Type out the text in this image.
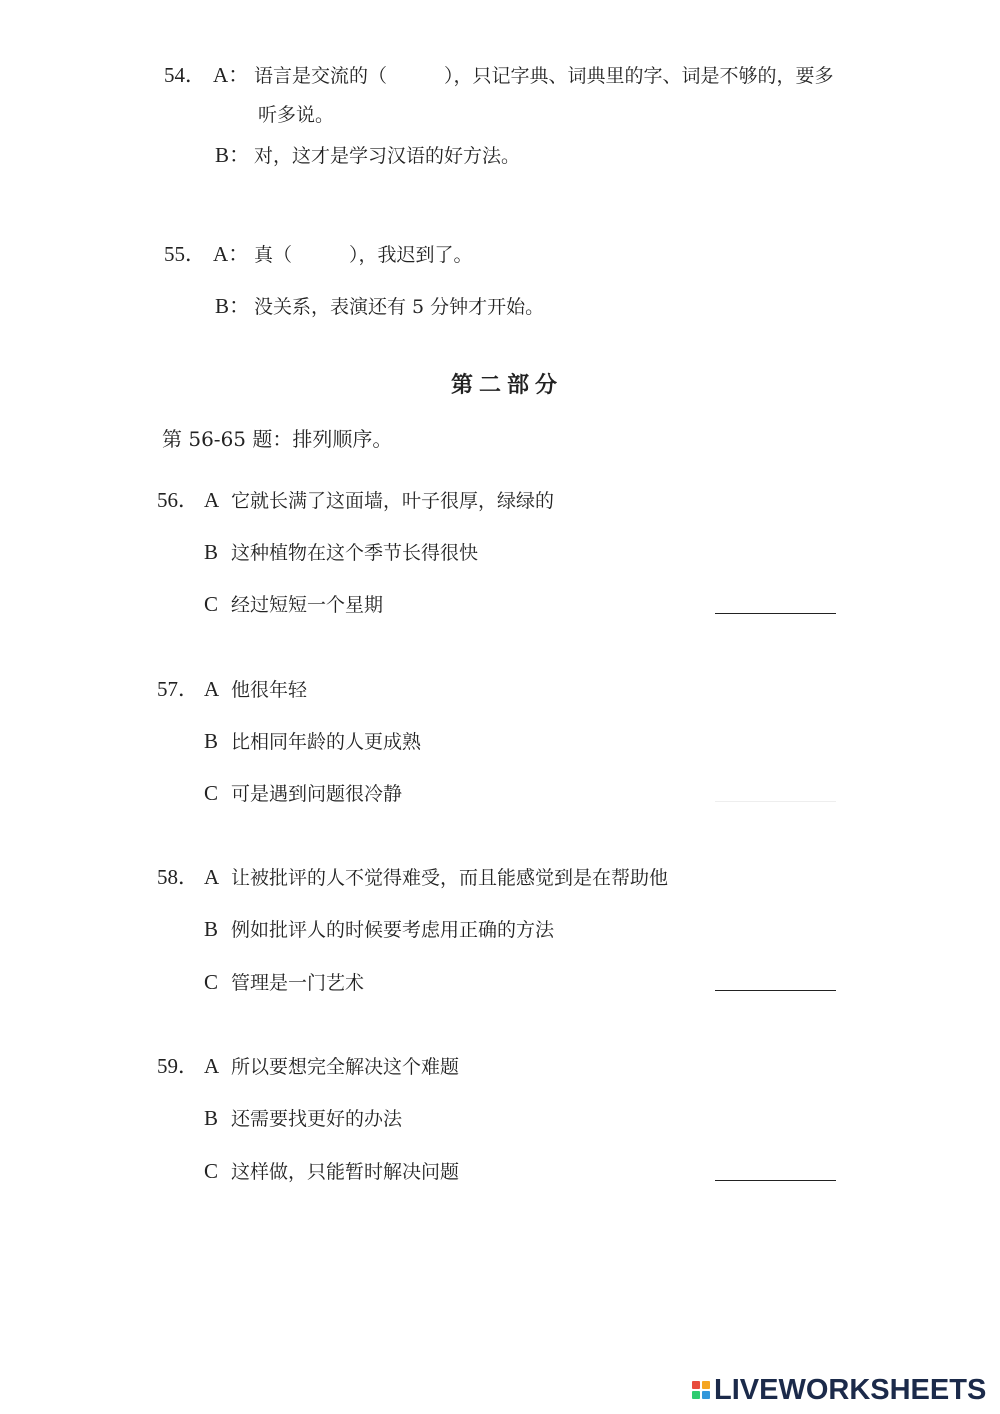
54． A： 语言是交流的（　　　），只记字典、词典里的字、词是不够的，要多
听多说。
B： 对，这才是学习汉语的好方法。
55． A： 真（　　　），我迟到了。
B： 没关系，表演还有 5 分钟才开始。
第二部分
第 56-65 题：排列顺序。
56． A 它就长满了这面墙，叶子很厚，绿绿的
B 这种植物在这个季节长得很快
C 经过短短一个星期
57． A 他很年轻
B 比相同年龄的人更成熟
C 可是遇到问题很冷静
58． A 让被批评的人不觉得难受，而且能感觉到是在帮助他
B 例如批评人的时候要考虑用正确的方法
C 管理是一门艺术
59． A 所以要想完全解决这个难题
B 还需要找更好的办法
C 这样做，只能暂时解决问题
LIVEWORKSHEETS
